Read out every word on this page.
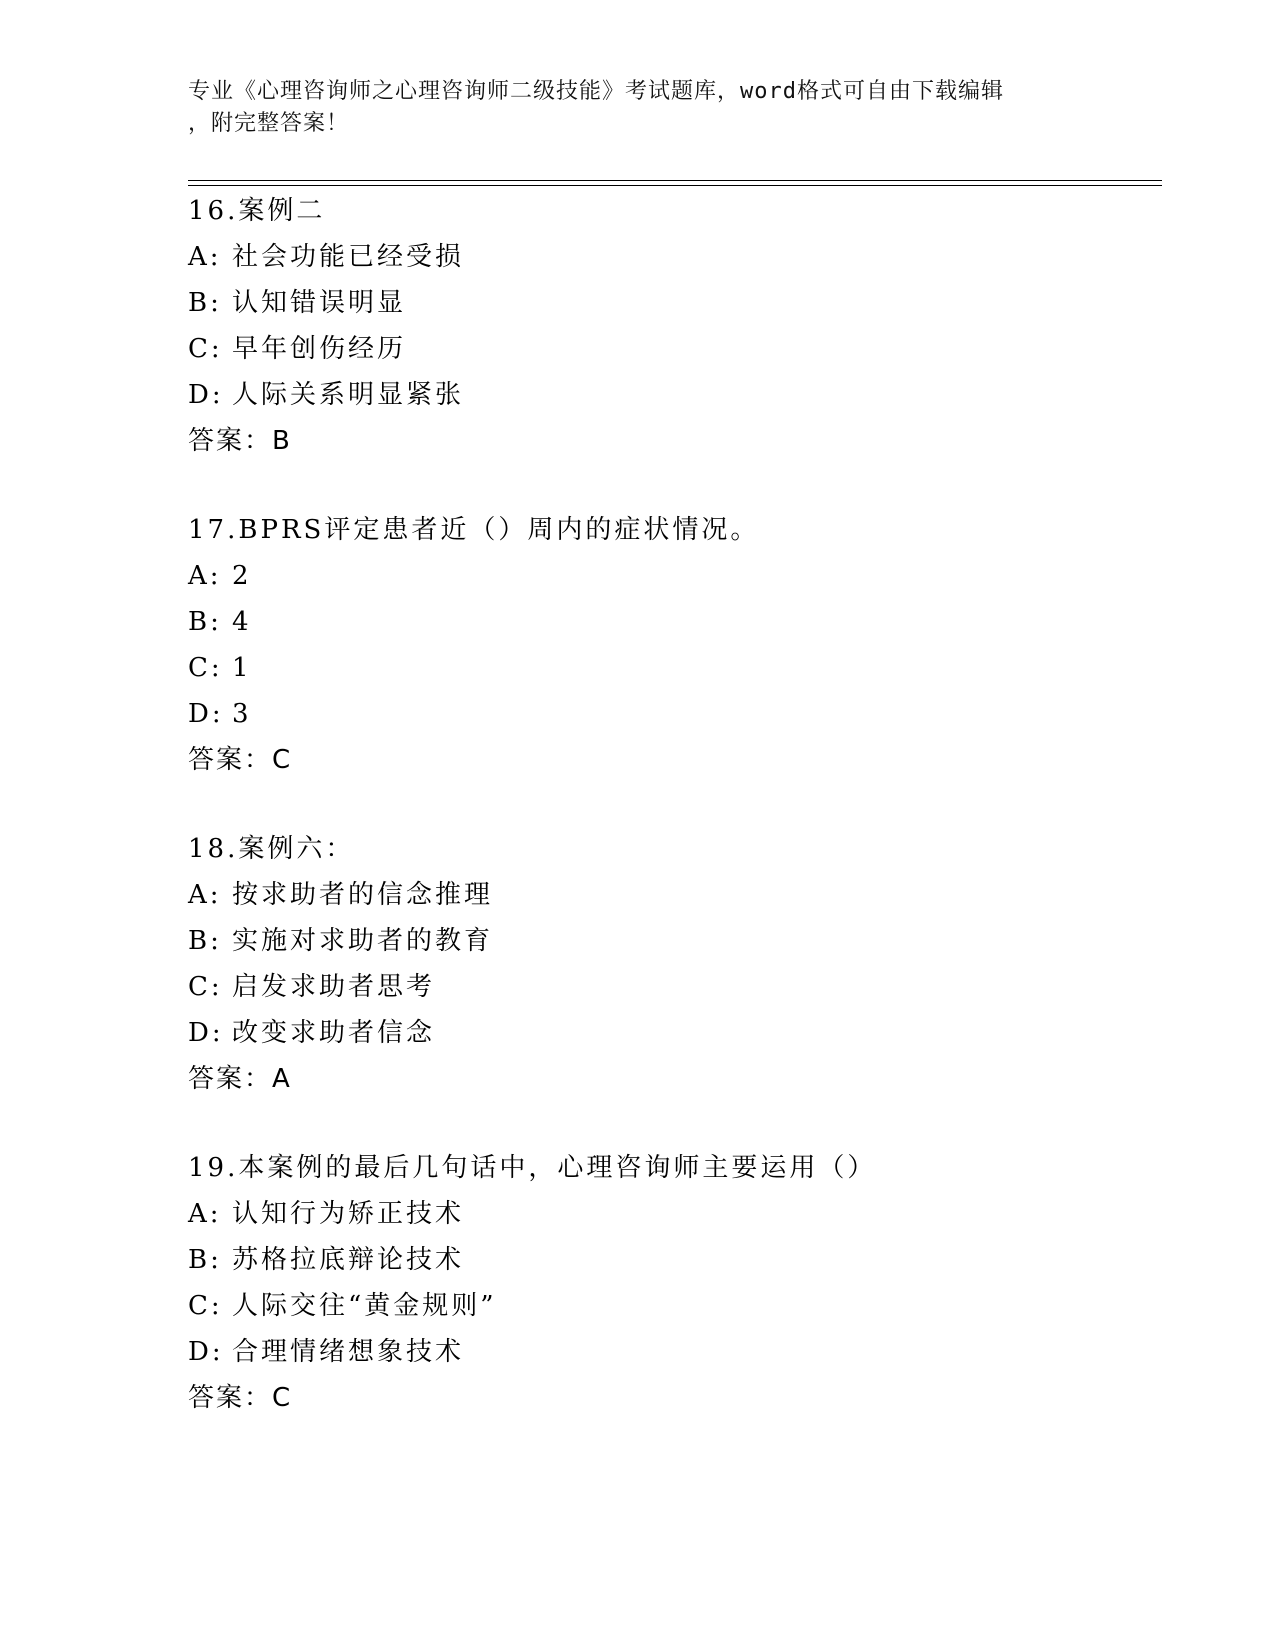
专业《心理咨询师之心理咨询师二级技能》考试题库，word格式可自由下载编辑
，附完整答案！
16.案例二
A: 社会功能已经受损
B: 认知错误明显
C: 早年创伤经历
D: 人际关系明显紧张
答案：B
17.BPRS评定患者近（）周内的症状情况。
A: 2
B: 4
C: 1
D: 3
答案：C
18.案例六：
A: 按求助者的信念推理
B: 实施对求助者的教育
C: 启发求助者思考
D: 改变求助者信念
答案：A
19.本案例的最后几句话中，心理咨询师主要运用（）
A: 认知行为矫正技术
B: 苏格拉底辩论技术
C: 人际交往“黄金规则”
D: 合理情绪想象技术
答案：C
